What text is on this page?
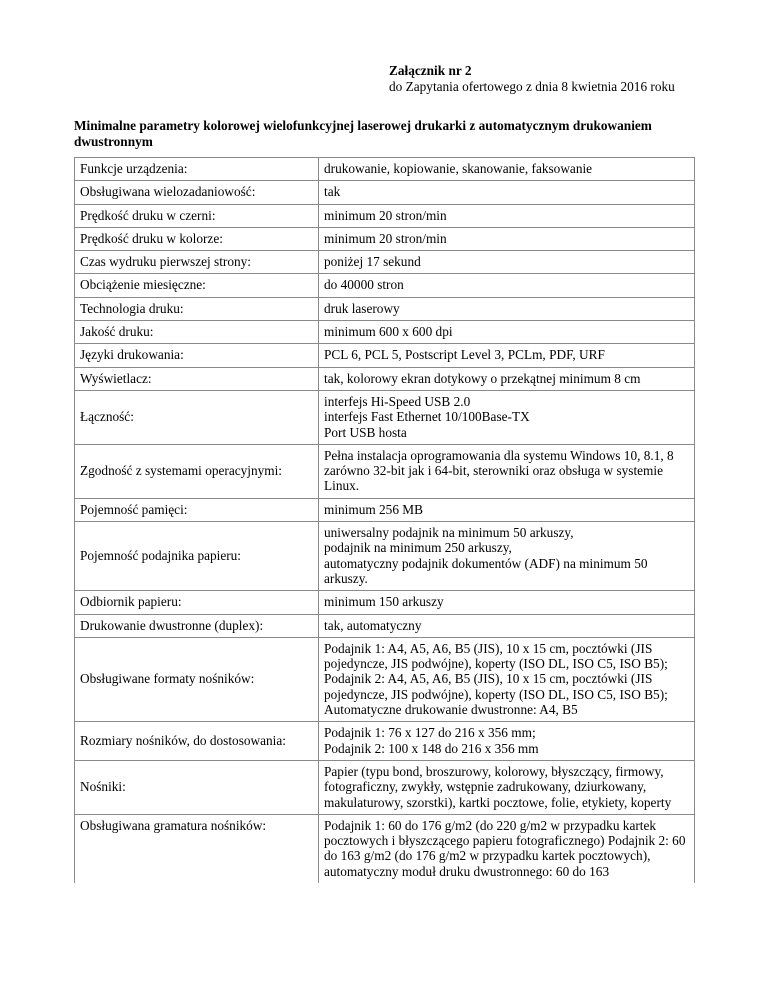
Załącznik nr 2
do Zapytania ofertowego z dnia 8 kwietnia 2016 roku
Minimalne parametry kolorowej wielofunkcyjnej laserowej drukarki z automatycznym drukowaniem dwustronnym
Funkcje urządzenia:	drukowanie, kopiowanie, skanowanie, faksowanie
Obsługiwana wielozadaniowość:	tak
Prędkość druku w czerni:	minimum 20 stron/min
Prędkość druku w kolorze:	minimum 20 stron/min
Czas wydruku pierwszej strony:	poniżej 17 sekund
Obciążenie miesięczne:	do 40000 stron
Technologia druku:	druk laserowy
Jakość druku:	minimum 600 x 600 dpi
Języki drukowania:	PCL 6, PCL 5, Postscript Level 3, PCLm, PDF, URF
Wyświetlacz:	tak, kolorowy ekran dotykowy o przekątnej minimum 8 cm
Łączność:	interfejs Hi-Speed USB 2.0
interfejs Fast Ethernet 10/100Base-TX
Port USB hosta
Zgodność z systemami operacyjnymi:	Pełna instalacja oprogramowania dla systemu Windows 10, 8.1, 8 zarówno 32-bit jak i 64-bit, sterowniki oraz obsługa w systemie Linux.
Pojemność pamięci:	minimum 256 MB
Pojemność podajnika papieru:	uniwersalny podajnik na minimum 50 arkuszy,
podajnik na minimum 250 arkuszy,
automatyczny podajnik dokumentów (ADF) na minimum 50 arkuszy.
Odbiornik papieru:	minimum 150 arkuszy
Drukowanie dwustronne (duplex):	tak, automatyczny
Obsługiwane formaty nośników:	Podajnik 1: A4, A5, A6, B5 (JIS), 10 x 15 cm, pocztówki (JIS pojedyncze, JIS podwójne), koperty (ISO DL, ISO C5, ISO B5);
Podajnik 2: A4, A5, A6, B5 (JIS), 10 x 15 cm, pocztówki (JIS pojedyncze, JIS podwójne), koperty (ISO DL, ISO C5, ISO B5);
Automatyczne drukowanie dwustronne: A4, B5
Rozmiary nośników, do dostosowania:	Podajnik 1: 76 x 127 do 216 x 356 mm;
Podajnik 2: 100 x 148 do 216 x 356 mm
Nośniki:	Papier (typu bond, broszurowy, kolorowy, błyszczący, firmowy, fotograficzny, zwykły, wstępnie zadrukowany, dziurkowany, makulaturowy, szorstki), kartki pocztowe, folie, etykiety, koperty
Obsługiwana gramatura nośników:	Podajnik 1: 60 do 176 g/m2 (do 220 g/m2 w przypadku kartek pocztowych i błyszczącego papieru fotograficznego) Podajnik 2: 60 do 163 g/m2 (do 176 g/m2 w przypadku kartek pocztowych),
automatyczny moduł druku dwustronnego: 60 do 163
